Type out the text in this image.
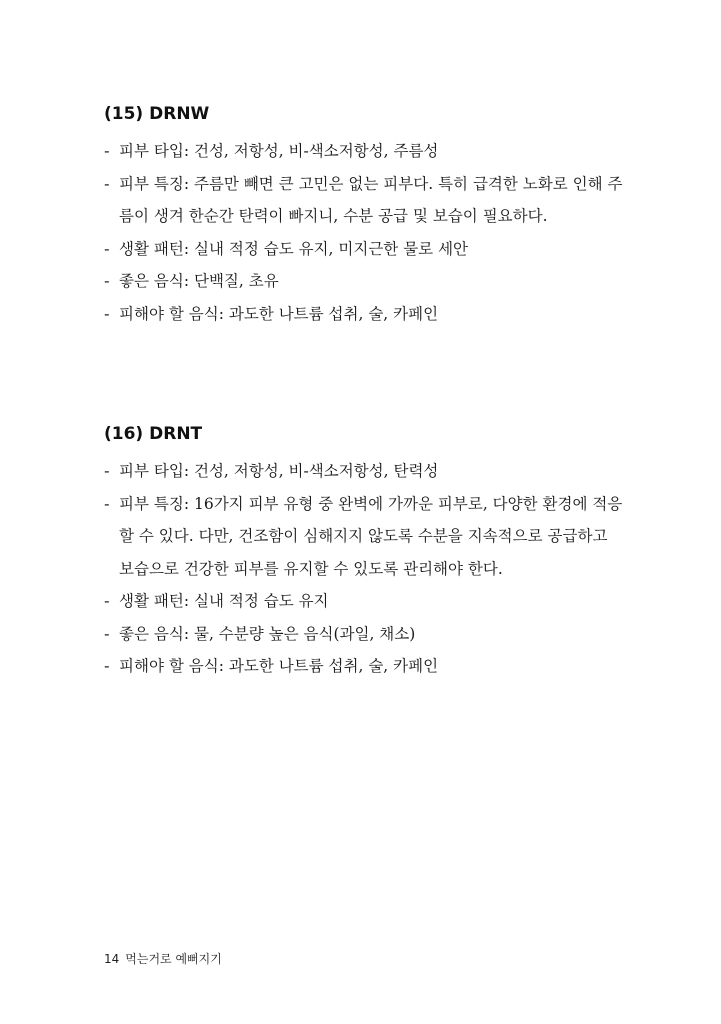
(15) DRNW
- 피부 타입: 건성, 저항성, 비-색소저항성, 주름성
- 피부 특징: 주름만 빼면 큰 고민은 없는 피부다. 특히 급격한 노화로 인해 주름이 생겨 한순간 탄력이 빠지니, 수분 공급 및 보습이 필요하다.
- 생활 패턴: 실내 적정 습도 유지, 미지근한 물로 세안
- 좋은 음식: 단백질, 초유
- 피해야 할 음식: 과도한 나트륨 섭취, 술, 카페인
(16) DRNT
- 피부 타입: 건성, 저항성, 비-색소저항성, 탄력성
- 피부 특징: 16가지 피부 유형 중 완벽에 가까운 피부로, 다양한 환경에 적응할 수 있다. 다만, 건조함이 심해지지 않도록 수분을 지속적으로 공급하고 보습으로 건강한 피부를 유지할 수 있도록 관리해야 한다.
- 생활 패턴: 실내 적정 습도 유지
- 좋은 음식: 물, 수분량 높은 음식(과일, 채소)
- 피해야 할 음식: 과도한 나트륨 섭취, 술, 카페인
14 먹는거로 예뻐지기
